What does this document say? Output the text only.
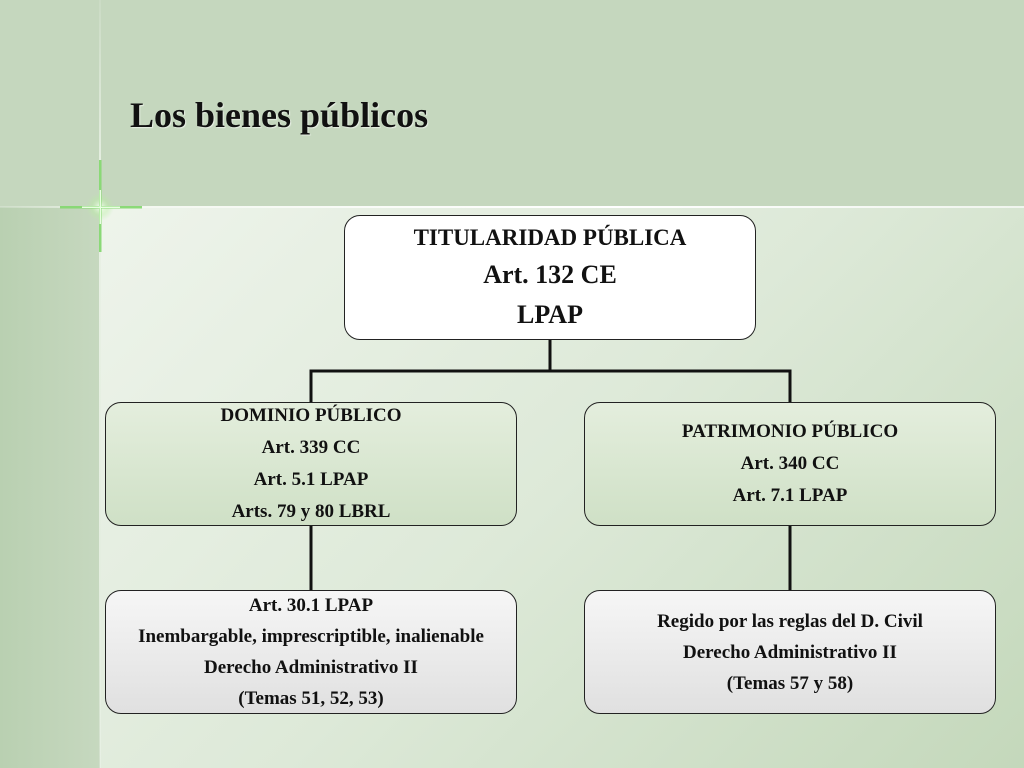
Los bienes públicos
TITULARIDAD PÚBLICA
Art. 132 CE
LPAP
DOMINIO PÚBLICO
Art. 339 CC
Art. 5.1 LPAP
Arts. 79 y 80 LBRL
PATRIMONIO PÚBLICO
Art. 340 CC
Art. 7.1 LPAP
Art. 30.1 LPAP
Inembargable, imprescriptible, inalienable
Derecho Administrativo II
(Temas 51, 52, 53)
Regido por las reglas del D. Civil
Derecho Administrativo II
(Temas 57 y 58)
